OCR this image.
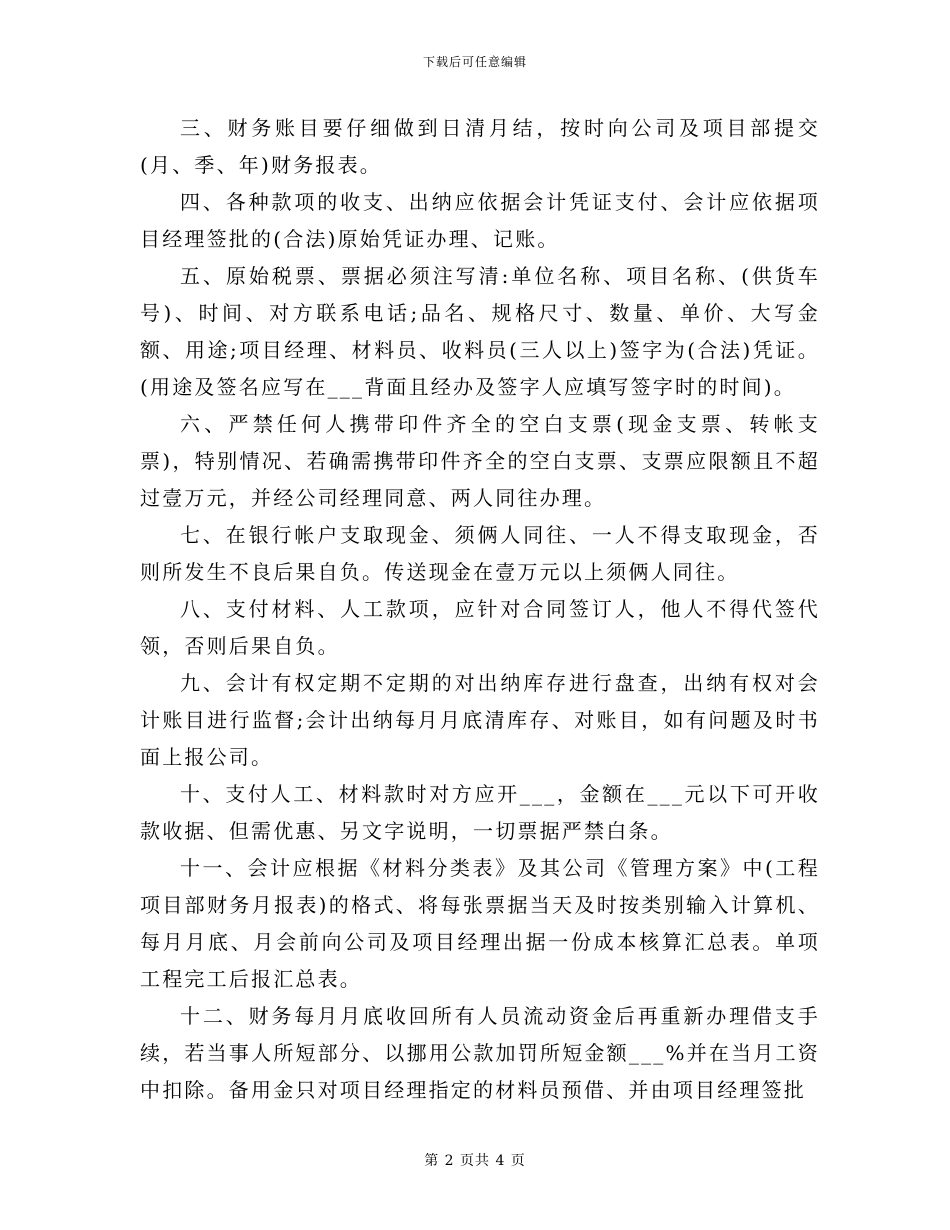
下载后可任意编辑

三、财务账目要仔细做到日清月结，按时向公司及项目部提交(月、季、年)财务报表。

四、各种款项的收支、出纳应依据会计凭证支付、会计应依据项目经理签批的(合法)原始凭证办理、记账。

五、原始税票、票据必须注写清:单位名称、项目名称、(供货车号)、时间、对方联系电话;品名、规格尺寸、数量、单价、大写金额、用途;项目经理、材料员、收料员(三人以上)签字为(合法)凭证。(用途及签名应写在___背面且经办及签字人应填写签字时的时间)。

六、严禁任何人携带印件齐全的空白支票(现金支票、转帐支票)，特别情况、若确需携带印件齐全的空白支票、支票应限额且不超过壹万元，并经公司经理同意、两人同往办理。

七、在银行帐户支取现金、须俩人同往、一人不得支取现金，否则所发生不良后果自负。传送现金在壹万元以上须俩人同往。

八、支付材料、人工款项，应针对合同签订人，他人不得代签代领，否则后果自负。

九、会计有权定期不定期的对出纳库存进行盘查，出纳有权对会计账目进行监督;会计出纳每月月底清库存、对账目，如有问题及时书面上报公司。

十、支付人工、材料款时对方应开___，金额在___元以下可开收款收据、但需优惠、另文字说明，一切票据严禁白条。

十一、会计应根据《材料分类表》及其公司《管理方案》中(工程项目部财务月报表)的格式、将每张票据当天及时按类别输入计算机、每月月底、月会前向公司及项目经理出据一份成本核算汇总表。单项工程完工后报汇总表。

十二、财务每月月底收回所有人员流动资金后再重新办理借支手续，若当事人所短部分、以挪用公款加罚所短金额___%并在当月工资中扣除。备用金只对项目经理指定的材料员预借、并由项目经理签批

第 2 页共 4 页
